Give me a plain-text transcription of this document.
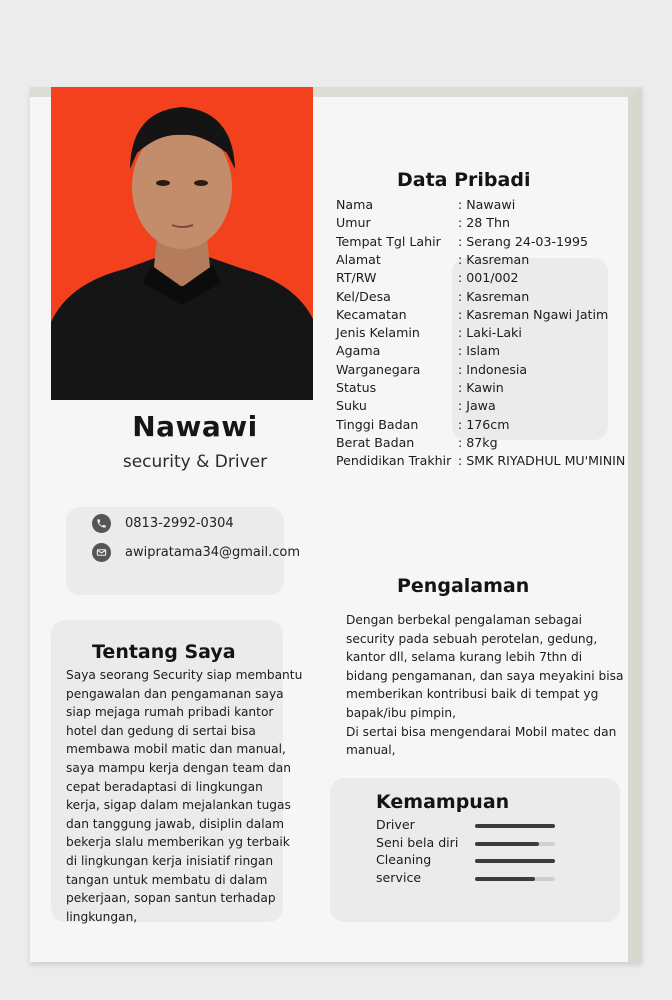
Nawawi
security & Driver
0813-2992-0304
awipratama34@gmail.com
Data Pribadi
Nama	: Nawawi
Umur	: 28 Thn
Tempat Tgl Lahir : Serang 24-03-1995
Alamat	: Kasreman
RT/RW	: 001/002
Kel/Desa	: Kasreman
Kecamatan	: Kasreman Ngawi Jatim
Jenis Kelamin	: Laki-Laki
Agama	: Islam
Warganegara	: Indonesia
Status	: Kawin
Suku	: Jawa
Tinggi Badan	: 176cm
Berat Badan	: 87kg
Pendidikan Trakhir : SMK RIYADHUL MU'MININ
Pengalaman
Dengan berbekal pengalaman sebagai
security pada sebuah perotelan, gedung,
kantor dll, selama kurang lebih 7thn di
bidang pengamanan, dan saya meyakini bisa
memberikan kontribusi baik di tempat yg
bapak/ibu pimpin,
Di sertai bisa mengendarai Mobil matec dan
manual,
Tentang Saya
Saya seorang Security siap membantu
pengawalan dan pengamanan saya
siap mejaga rumah pribadi kantor
hotel dan gedung di sertai bisa
membawa mobil matic dan manual,
saya mampu kerja dengan team dan
cepat beradaptasi di lingkungan
kerja, sigap dalam mejalankan tugas
dan tanggung jawab, disiplin dalam
bekerja slalu memberikan yg terbaik
di lingkungan kerja inisiatif ringan
tangan untuk membatu di dalam
pekerjaan, sopan santun terhadap
lingkungan,
Kemampuan
Driver
Seni bela diri
Cleaning
service
